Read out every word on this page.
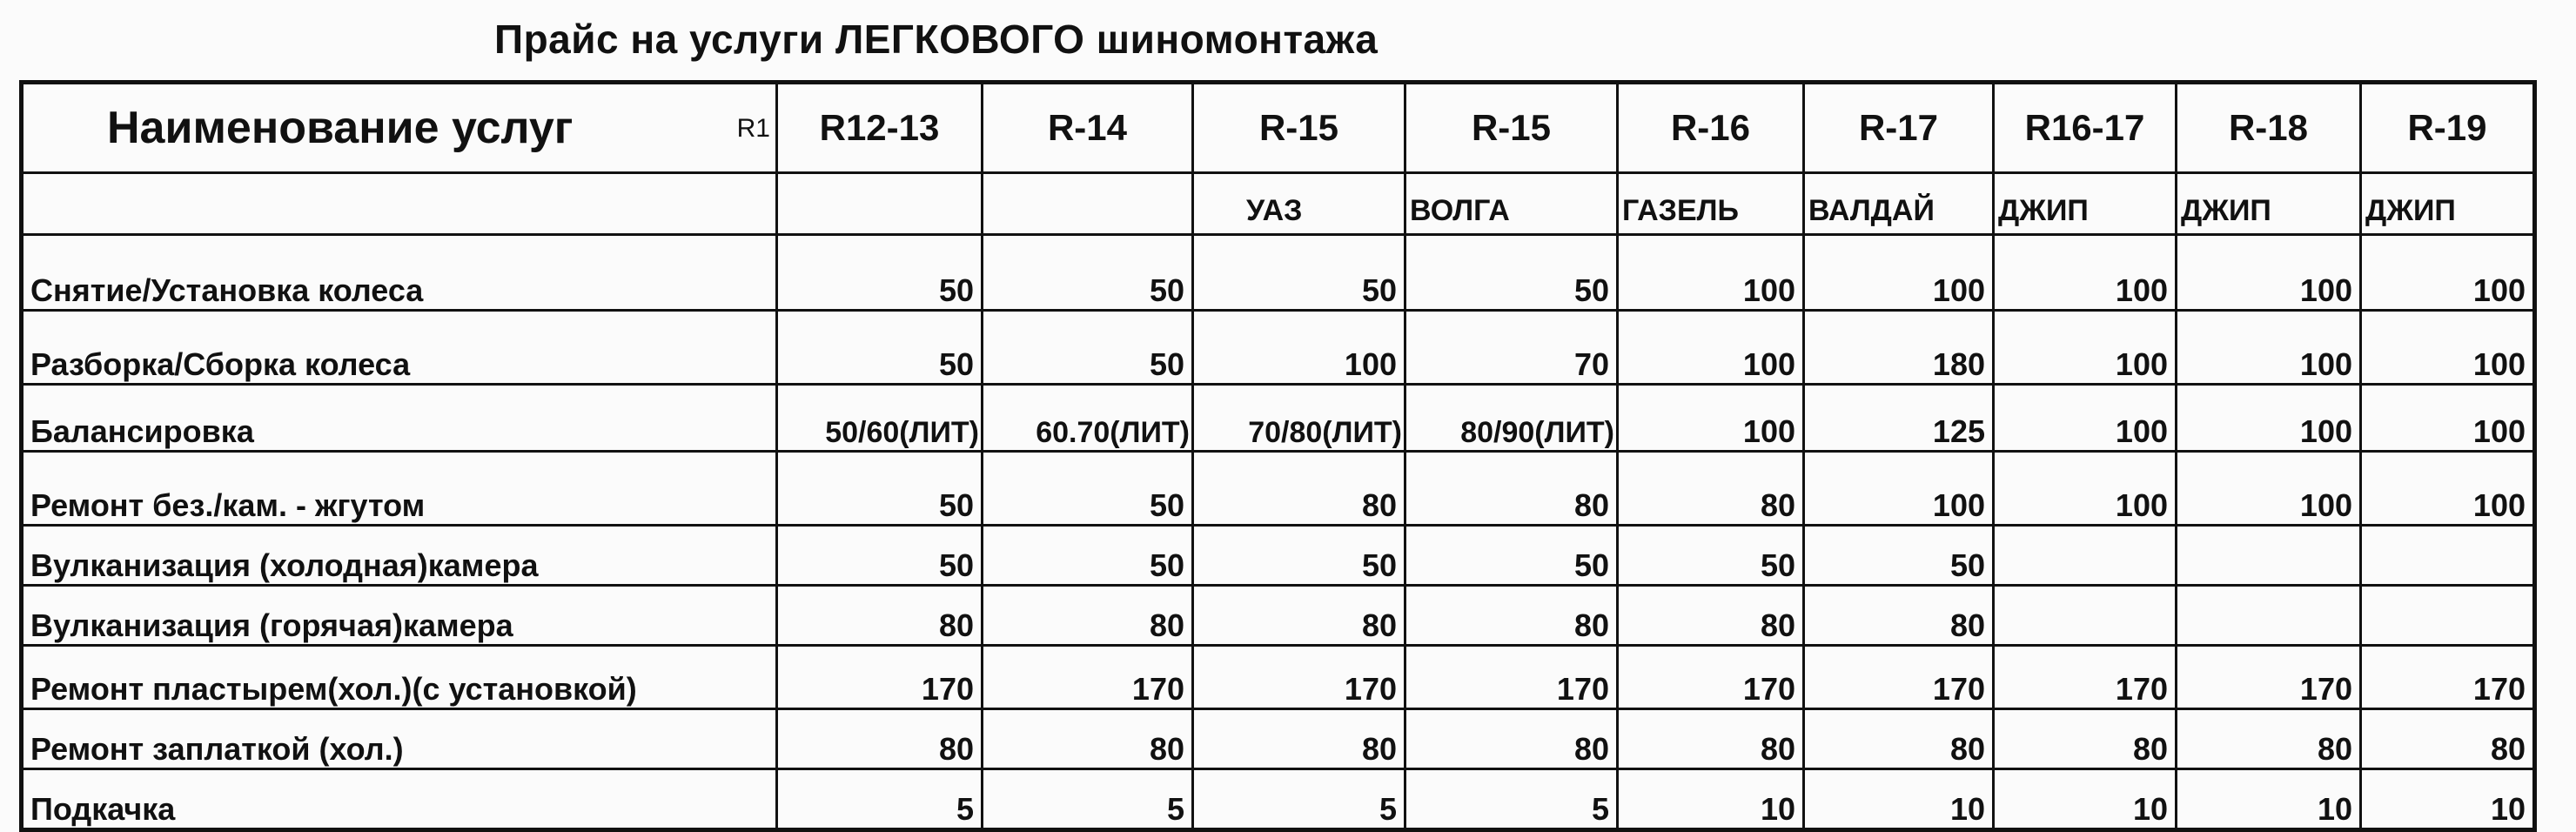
Прайс на услуги ЛЕГКОВОГО шиномонтажа
Наименование услуг R1	R12-13	R-14	R-15	R-15	R-16	R-17	R16-17	R-18	R-19
			УАЗ	ВОЛГА	ГАЗЕЛЬ	ВАЛДАЙ	ДЖИП	ДЖИП	ДЖИП
Снятие/Установка колеса	50	50	50	50	100	100	100	100	100
Разборка/Сборка колеса	50	50	100	70	100	180	100	100	100
Балансировка	50/60(ЛИТ)	60.70(ЛИТ)	70/80(ЛИТ)	80/90(ЛИТ)	100	125	100	100	100
Ремонт без./кам. - жгутом	50	50	80	80	80	100	100	100	100
Вулканизация (холодная)камера	50	50	50	50	50	50			
Вулканизация (горячая)камера	80	80	80	80	80	80			
Ремонт пластырем(хол.)(с установкой)	170	170	170	170	170	170	170	170	170
Ремонт заплаткой (хол.)	80	80	80	80	80	80	80	80	80
Подкачка	5	5	5	5	10	10	10	10	10
